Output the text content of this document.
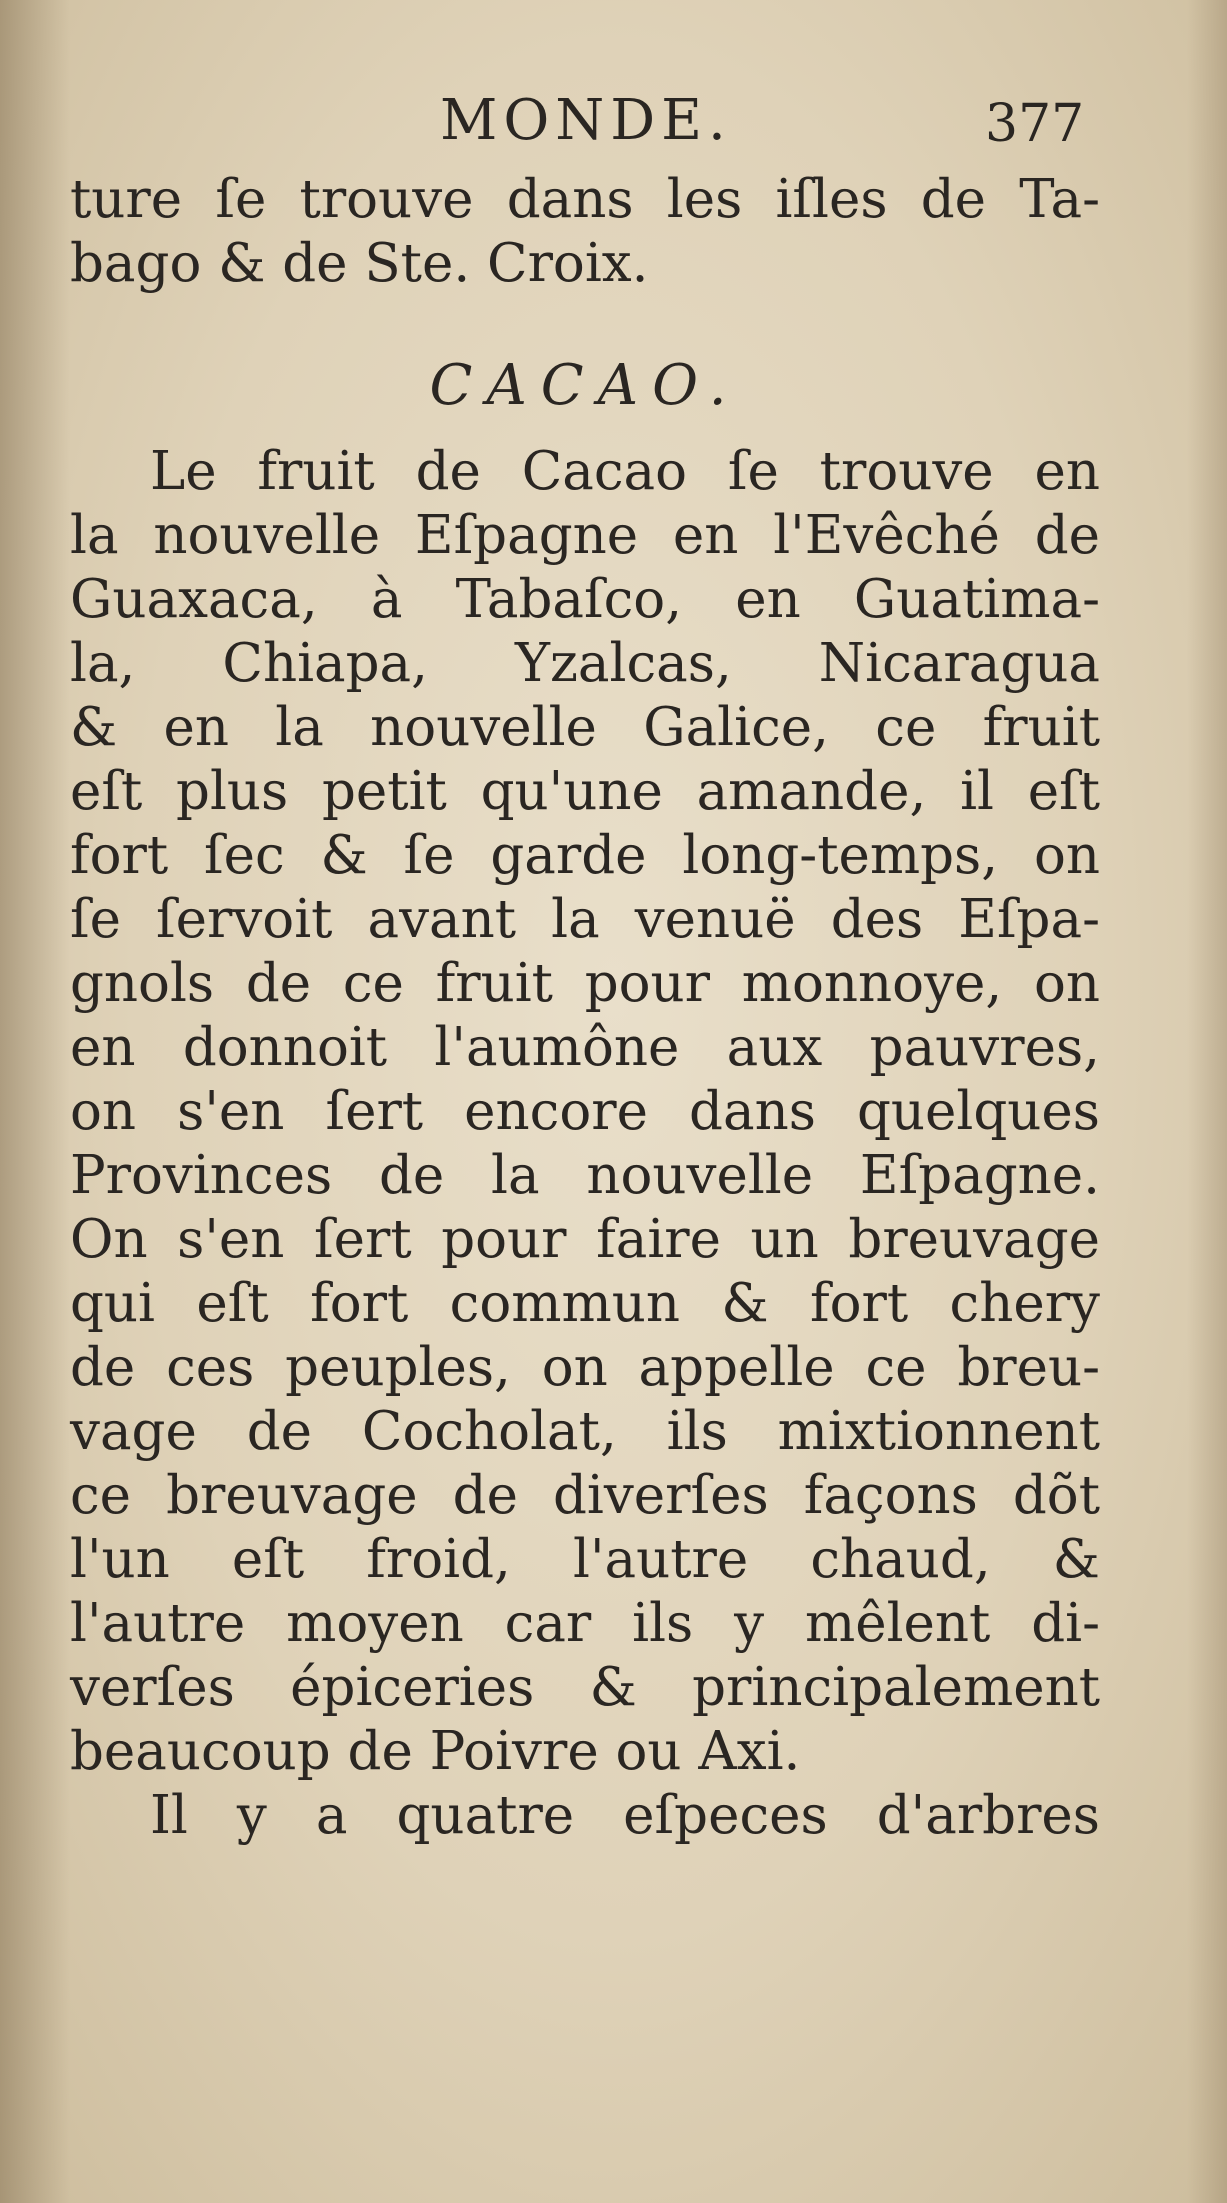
MONDE.	377
ture ſe trouve dans les iſles de Ta-
bago & de Ste. Croix.
CACAO.
Le fruit de Cacao ſe trouve en
la nouvelle Eſpagne en l'Evêché de
Guaxaca, à Tabaſco, en Guatima-
la, Chiapa, Yzalcas, Nicaragua
& en la nouvelle Galice, ce fruit
eſt plus petit qu'une amande, il eſt
fort ſec & ſe garde long-temps, on
ſe ſervoit avant la venuë des Eſpa-
gnols de ce fruit pour monnoye, on
en donnoit l'aumône aux pauvres,
on s'en ſert encore dans quelques
Provinces de la nouvelle Eſpagne.
On s'en ſert pour faire un breuvage
qui eſt fort commun & fort chery
de ces peuples, on appelle ce breu-
vage de Cocholat, ils mixtionnent
ce breuvage de diverſes façons dõt
l'un eſt froid, l'autre chaud, &
l'autre moyen car ils y mêlent di-
verſes épiceries & principalement
beaucoup de Poivre ou Axi.
Il y a quatre eſpeces d'arbres
